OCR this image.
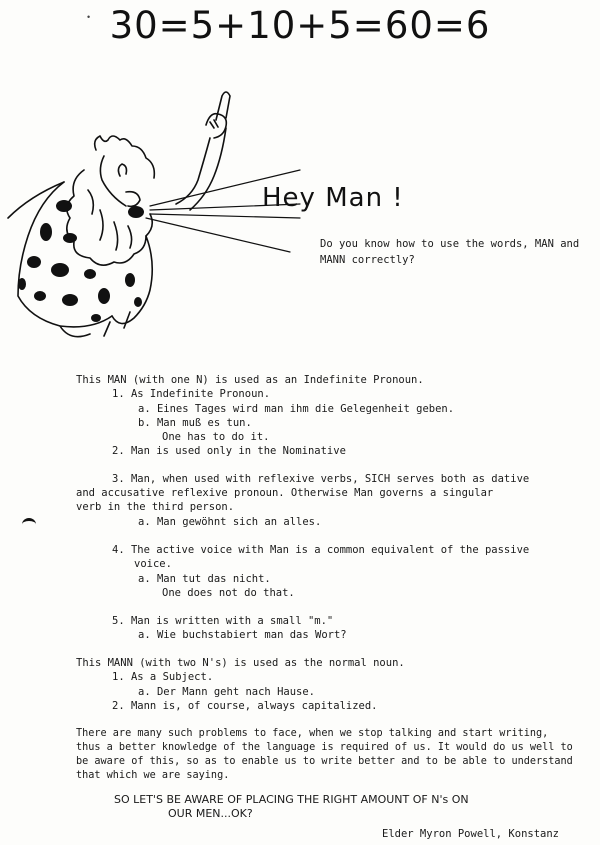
30=5+10+5=60=6
•
Hey Man !
Do you know how to use the words, MAN and MANN correctly?
This MAN (with one N) is used as an Indefinite Pronoun.
1. As Indefinite Pronoun.
a. Eines Tages wird man ihm die Gelegenheit geben.
b. Man muß es tun.
One has to do it.
2. Man is used only in the Nominative
3. Man, when used with reflexive verbs, SICH serves both as dative
and accusative reflexive pronoun. Otherwise Man governs a singular
verb in the third person.
a. Man gewöhnt sich an alles.
4. The active voice with Man is a common equivalent of the passive
voice.
a. Man tut das nicht.
One does not do that.
5. Man is written with a small "m."
a. Wie buchstabiert man das Wort?
This MANN (with two N's) is used as the normal noun.
1. As a Subject.
a. Der Mann geht nach Hause.
2. Mann is, of course, always capitalized.
There are many such problems to face, when we stop talking and start writing,
thus a better knowledge of the language is required of us. It would do us well to
be aware of this, so as to enable us to write better and to be able to understand
that which we are saying.
SO LET'S BE AWARE OF PLACING THE RIGHT AMOUNT OF N's ON
OUR MEN...OK?
Elder Myron Powell, Konstanz
